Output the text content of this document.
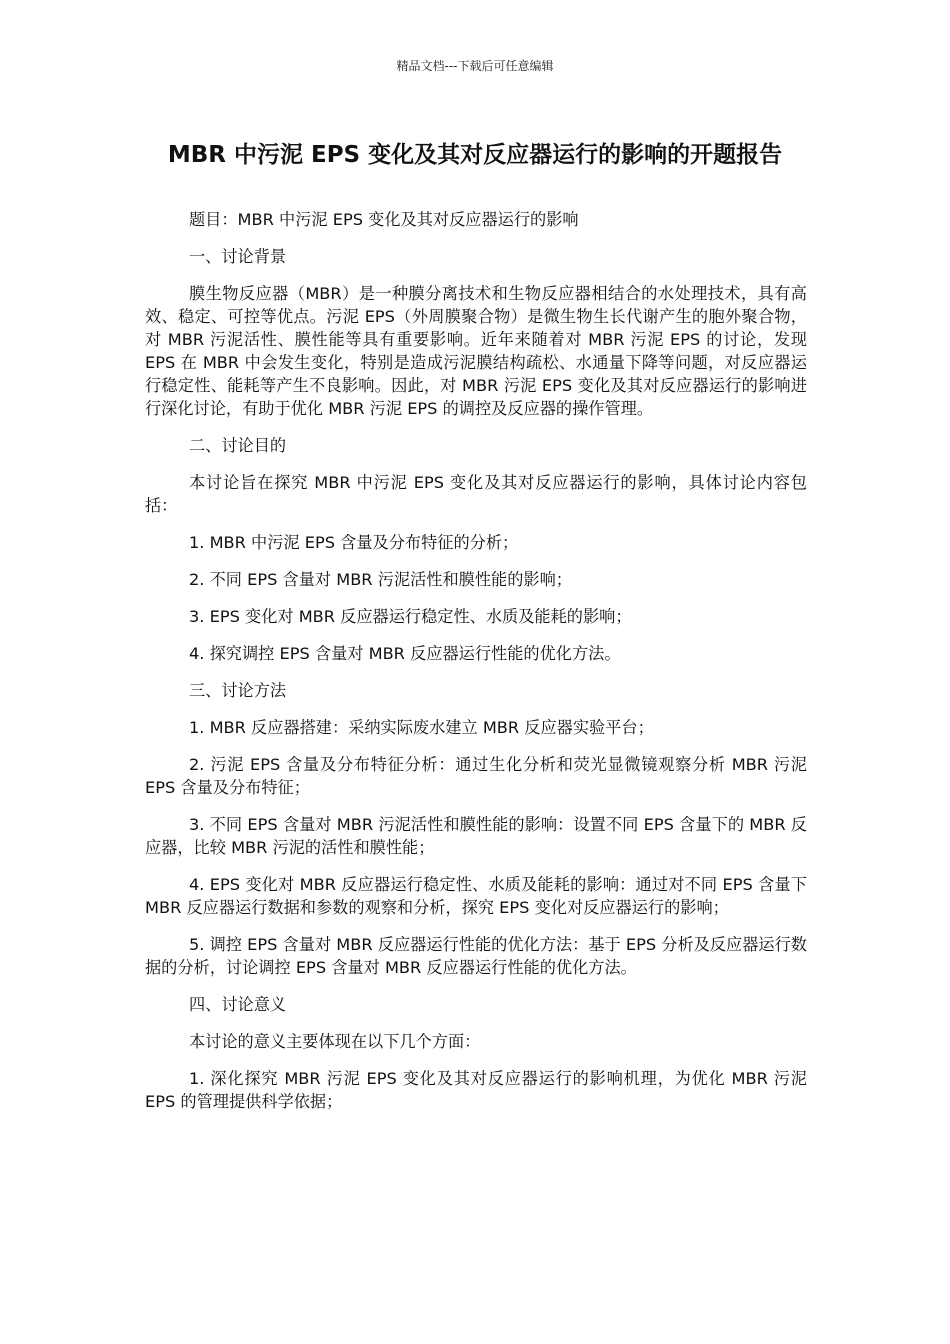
精品文档---下载后可任意编辑
MBR 中污泥 EPS 变化及其对反应器运行的影响的开题报告

题目：MBR 中污泥 EPS 变化及其对反应器运行的影响

一、讨论背景

膜生物反应器（MBR）是一种膜分离技术和生物反应器相结合的水处理技术，具有高效、稳定、可控等优点。污泥 EPS（外周膜聚合物）是微生物生长代谢产生的胞外聚合物，对 MBR 污泥活性、膜性能等具有重要影响。近年来随着对 MBR 污泥 EPS 的讨论，发现 EPS 在 MBR 中会发生变化，特别是造成污泥膜结构疏松、水通量下降等问题，对反应器运行稳定性、能耗等产生不良影响。因此，对 MBR 污泥 EPS 变化及其对反应器运行的影响进行深化讨论，有助于优化 MBR 污泥 EPS 的调控及反应器的操作管理。

二、讨论目的

本讨论旨在探究 MBR 中污泥 EPS 变化及其对反应器运行的影响，具体讨论内容包括：

1. MBR 中污泥 EPS 含量及分布特征的分析；

2. 不同 EPS 含量对 MBR 污泥活性和膜性能的影响；

3. EPS 变化对 MBR 反应器运行稳定性、水质及能耗的影响；

4. 探究调控 EPS 含量对 MBR 反应器运行性能的优化方法。

三、讨论方法

1. MBR 反应器搭建：采纳实际废水建立 MBR 反应器实验平台；

2. 污泥 EPS 含量及分布特征分析：通过生化分析和荧光显微镜观察分析 MBR 污泥 EPS 含量及分布特征；

3. 不同 EPS 含量对 MBR 污泥活性和膜性能的影响：设置不同 EPS 含量下的 MBR 反应器，比较 MBR 污泥的活性和膜性能；

4. EPS 变化对 MBR 反应器运行稳定性、水质及能耗的影响：通过对不同 EPS 含量下 MBR 反应器运行数据和参数的观察和分析，探究 EPS 变化对反应器运行的影响；

5. 调控 EPS 含量对 MBR 反应器运行性能的优化方法：基于 EPS 分析及反应器运行数据的分析，讨论调控 EPS 含量对 MBR 反应器运行性能的优化方法。

四、讨论意义

本讨论的意义主要体现在以下几个方面：

1. 深化探究 MBR 污泥 EPS 变化及其对反应器运行的影响机理，为优化 MBR 污泥 EPS 的管理提供科学依据；
